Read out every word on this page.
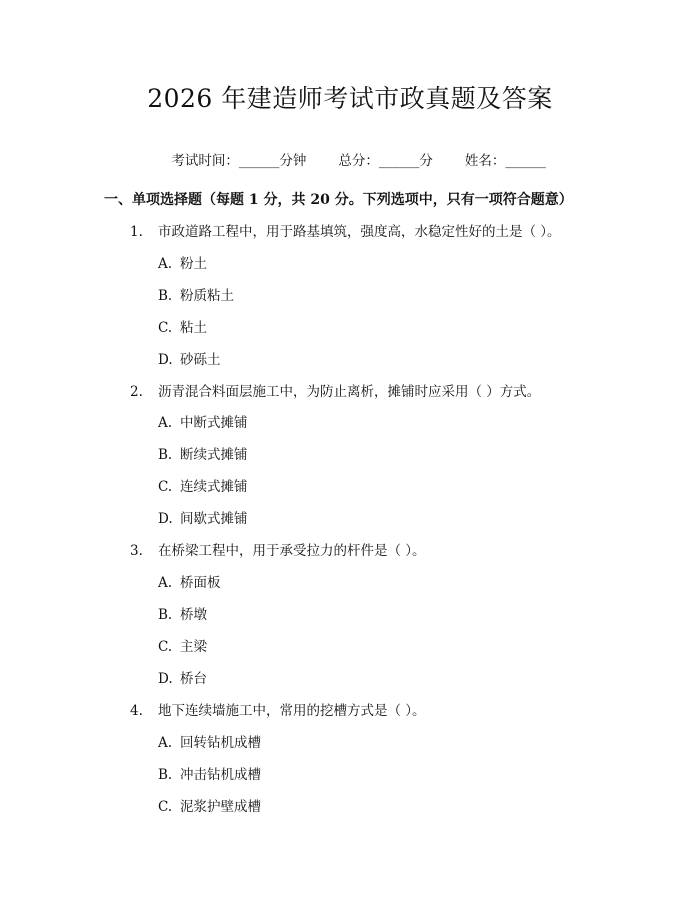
2026 年建造师考试市政真题及答案

考试时间：______分钟 总分：______分 姓名：______

一、单项选择题（每题 1 分，共 20 分。下列选项中，只有一项符合题意）
1.	市政道路工程中，用于路基填筑，强度高，水稳定性好的土是（ ）。
A. 粉土
B. 粉质粘土
C. 粘土
D. 砂砾土
2.	沥青混合料面层施工中，为防止离析，摊铺时应采用（ ）方式。
A. 中断式摊铺
B. 断续式摊铺
C. 连续式摊铺
D. 间歇式摊铺
3.	在桥梁工程中，用于承受拉力的杆件是（ ）。
A. 桥面板
B. 桥墩
C. 主梁
D. 桥台
4.	地下连续墙施工中，常用的挖槽方式是（ ）。
A. 回转钻机成槽
B. 冲击钻机成槽
C. 泥浆护壁成槽
